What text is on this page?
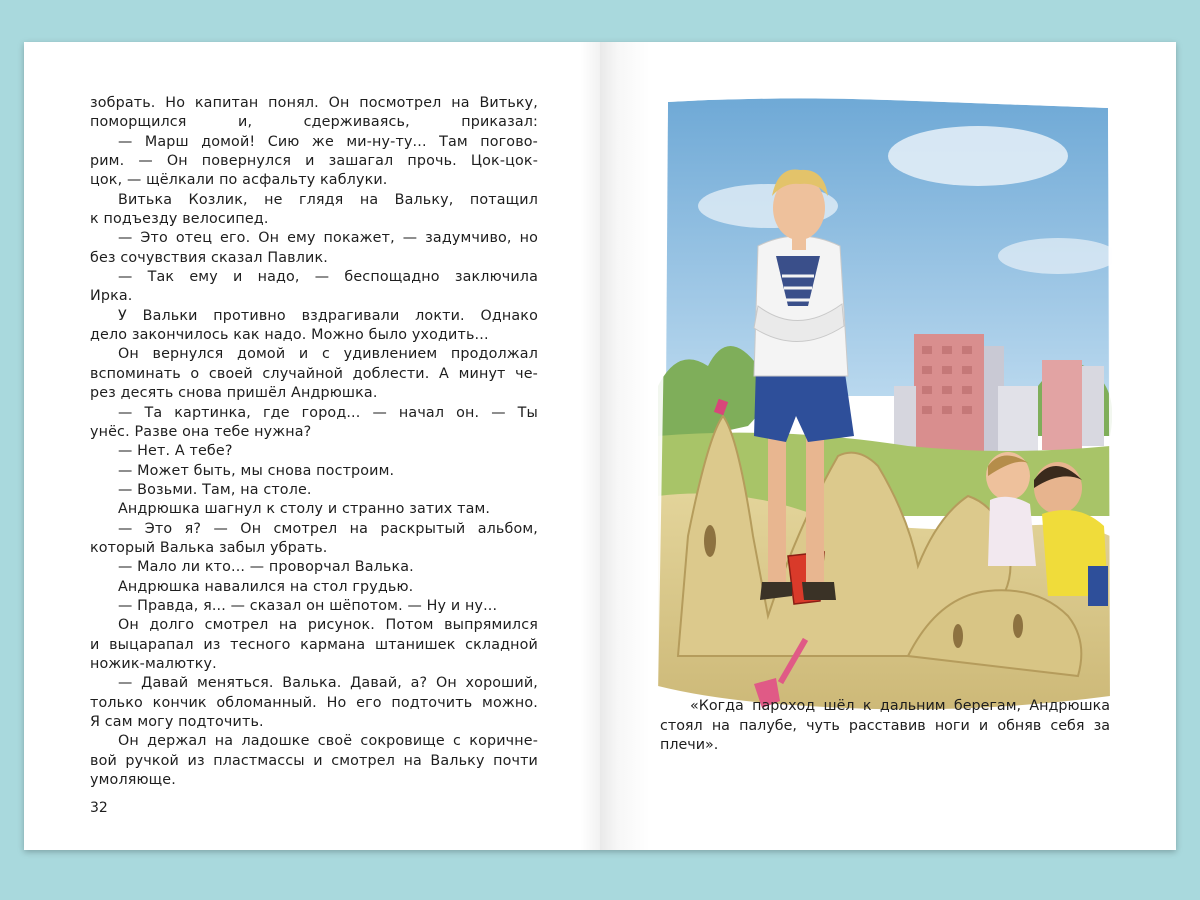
зобрать. Но капитан понял. Он посмотрел на Витьку,

поморщился и, сдерживаясь, приказал:

— Марш домой! Сию же ми-ну-ту... Там погово-

рим. — Он повернулся и зашагал прочь. Цок-цок-

цок, — щёлкали по асфальту каблуки.

Витька Козлик, не глядя на Вальку, потащил

к подъезду велосипед.

— Это отец его. Он ему покажет, — задумчиво, но

без сочувствия сказал Павлик.

— Так ему и надо, — беспощадно заключила

Ирка.

У Вальки противно вздрагивали локти. Однако

дело закончилось как надо. Можно было уходить...

Он вернулся домой и с удивлением продолжал

вспоминать о своей случайной доблести. А минут че-

рез десять снова пришёл Андрюшка.

— Та картинка, где город... — начал он. — Ты

унёс. Разве она тебе нужна?

— Нет. А тебе?

— Может быть, мы снова построим.

— Возьми. Там, на столе.

Андрюшка шагнул к столу и странно затих там.

— Это я? — Он смотрел на раскрытый альбом,

который Валька забыл убрать.

— Мало ли кто... — проворчал Валька.

Андрюшка навалился на стол грудью.

— Правда, я... — сказал он шёпотом. — Ну и ну...

Он долго смотрел на рисунок. Потом выпрямился

и выцарапал из тесного кармана штанишек складной

ножик-малютку.

— Давай меняться. Валька. Давай, а? Он хороший,

только кончик обломанный. Но его подточить можно.

Я сам могу подточить.

Он держал на ладошке своё сокровище с коричне-

вой ручкой из пластмассы и смотрел на Вальку почти

умоляюще.

32

«Когда пароход шёл к дальним берегам, Андрюшка

стоял на палубе, чуть расставив ноги и обняв себя за

плечи».
